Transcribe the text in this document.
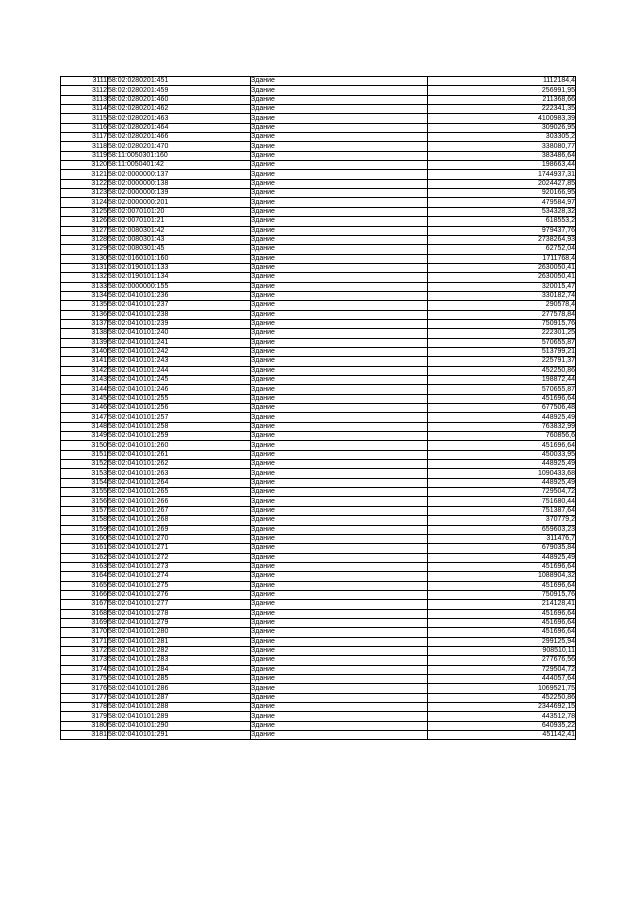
3111	58:02:0280201:451	Здание	1112184,4
3112	58:02:0280201:459	Здание	256991,95
3113	58:02:0280201:460	Здание	211368,66
3114	58:02:0280201:462	Здание	222341,35
3115	58:02:0280201:463	Здание	4100983,39
3116	58:02:0280201:464	Здание	309026,95
3117	58:02:0280201:466	Здание	303305,2
3118	58:02:0280201:470	Здание	338080,77
3119	58:11:0050301:160	Здание	383486,64
3120	58:11:0050401:42	Здание	198663,44
3121	58:02:0000000:137	Здание	1744937,31
3122	58:02:0000000:138	Здание	2024427,85
3123	58:02:0000000:139	Здание	920166,95
3124	58:02:0000000:201	Здание	479584,97
3125	58:02:0070101:20	Здание	534328,32
3126	58:02:0070101:21	Здание	618553,2
3127	58:02:0080301:42	Здание	979437,76
3128	58:02:0080301:43	Здание	2738264,93
3129	58:02:0080301:45	Здание	62752,04
3130	58:02:0160101:160	Здание	1711768,4
3131	58:02:0190101:133	Здание	2630050,41
3132	58:02:0190101:134	Здание	2630050,41
3133	58:02:0000000:155	Здание	320015,47
3134	58:02:0410101:236	Здание	330182,74
3135	58:02:0410101:237	Здание	290578,4
3136	58:02:0410101:238	Здание	277578,84
3137	58:02:0410101:239	Здание	750915,76
3138	58:02:0410101:240	Здание	222301,25
3139	58:02:0410101:241	Здание	570655,87
3140	58:02:0410101:242	Здание	513799,21
3141	58:02:0410101:243	Здание	225791,37
3142	58:02:0410101:244	Здание	452250,86
3143	58:02:0410101:245	Здание	198872,44
3144	58:02:0410101:246	Здание	570655,87
3145	58:02:0410101:255	Здание	451696,64
3146	58:02:0410101:256	Здание	677506,48
3147	58:02:0410101:257	Здание	448925,49
3148	58:02:0410101:258	Здание	763832,99
3149	58:02:0410101:259	Здание	760856,6
3150	58:02:0410101:260	Здание	451696,64
3151	58:02:0410101:261	Здание	450033,95
3152	58:02:0410101:262	Здание	448925,49
3153	58:02:0410101:263	Здание	1090433,68
3154	58:02:0410101:264	Здание	448925,49
3155	58:02:0410101:265	Здание	729504,72
3156	58:02:0410101:266	Здание	751680,44
3157	58:02:0410101:267	Здание	751387,64
3158	58:02:0410101:268	Здание	370779,2
3159	58:02:0410101:269	Здание	659603,23
3160	58:02:0410101:270	Здание	311476,7
3161	58:02:0410101:271	Здание	679035,84
3162	58:02:0410101:272	Здание	448925,49
3163	58:02:0410101:273	Здание	451696,64
3164	58:02:0410101:274	Здание	1088904,32
3165	58:02:0410101:275	Здание	451696,64
3166	58:02:0410101:276	Здание	750915,76
3167	58:02:0410101:277	Здание	214128,41
3168	58:02:0410101:278	Здание	451696,64
3169	58:02:0410101:279	Здание	451696,64
3170	58:02:0410101:280	Здание	451696,64
3171	58:02:0410101:281	Здание	299125,94
3172	58:02:0410101:282	Здание	908510,11
3173	58:02:0410101:283	Здание	277676,56
3174	58:02:0410101:284	Здание	729504,72
3175	58:02:0410101:285	Здание	444057,64
3176	58:02:0410101:286	Здание	1069521,75
3177	58:02:0410101:287	Здание	452250,86
3178	58:02:0410101:288	Здание	2344692,15
3179	58:02:0410101:289	Здание	443512,78
3180	58:02:0410101:290	Здание	640935,22
3181	58:02:0410101:291	Здание	451142,41
